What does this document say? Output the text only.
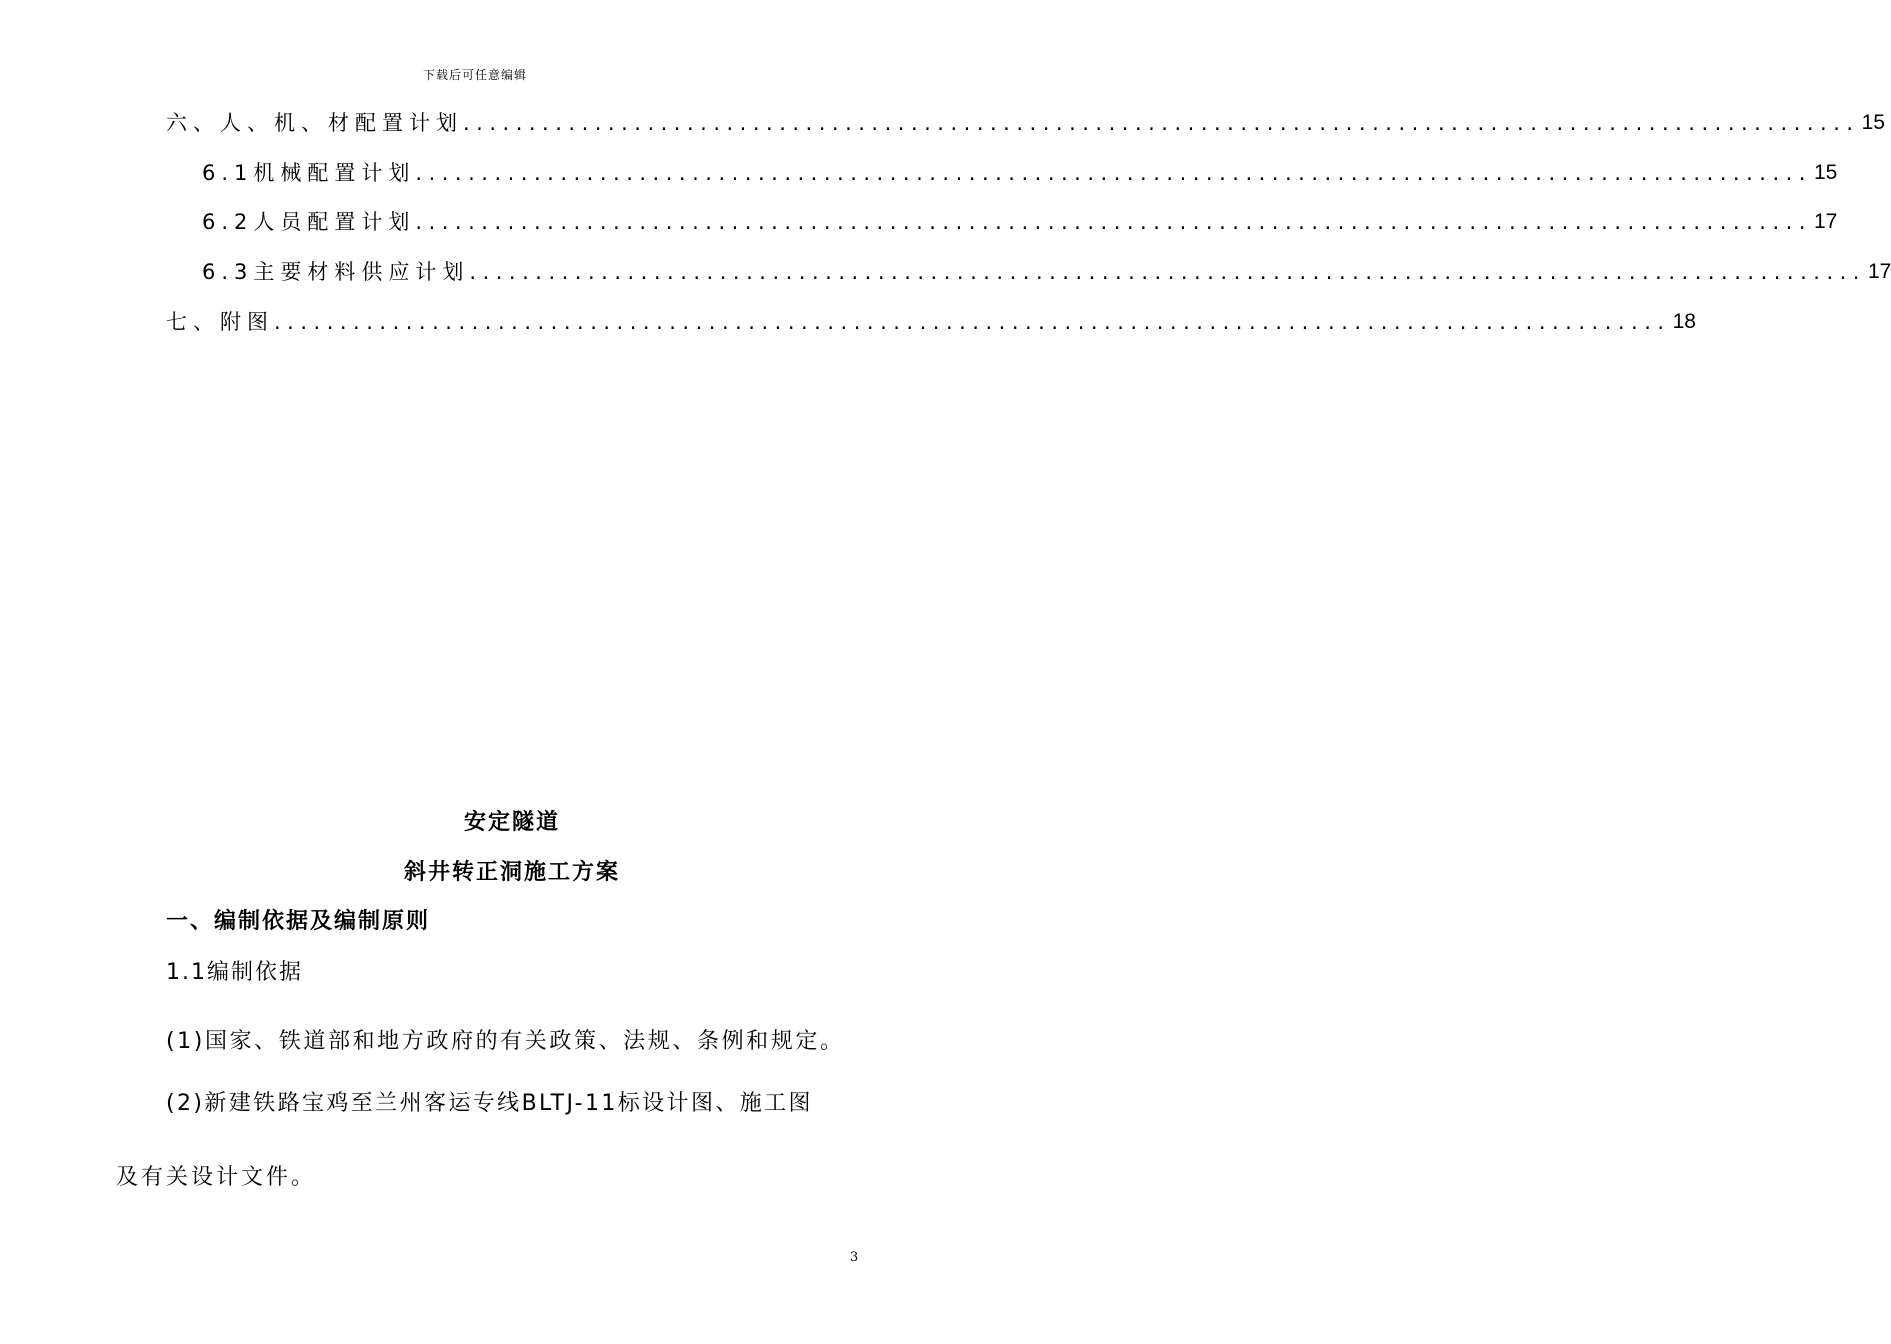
下载后可任意编辑
六、人、机、材配置计划 .......................................................................................................... 15
6.1机械配置计划 .......................................................................................................... 15
6.2人员配置计划 .......................................................................................................... 17
6.3主要材料供应计划 .......................................................................................................... 17
七、附图 .......................................................................................................... 18
安定隧道
斜井转正洞施工方案
一、编制依据及编制原则
1.1编制依据
(1)国家、铁道部和地方政府的有关政策、法规、条例和规定。
(2)新建铁路宝鸡至兰州客运专线BLTJ-11标设计图、施工图
及有关设计文件。
3
